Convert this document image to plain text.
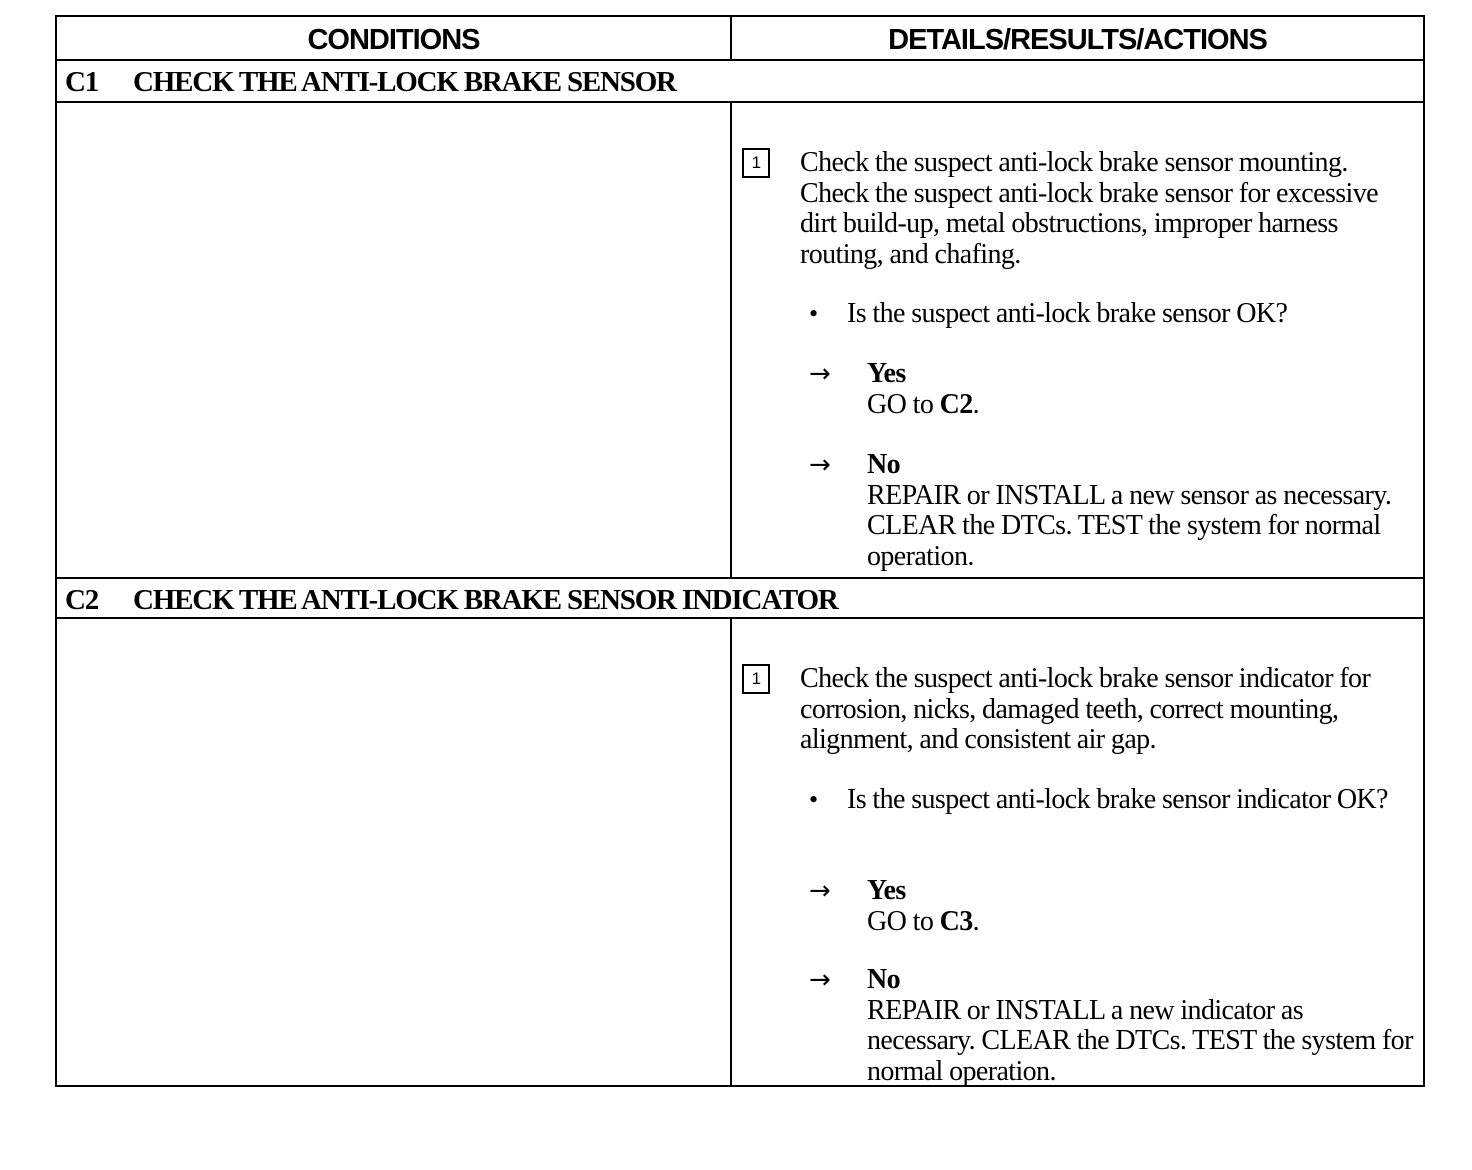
CONDITIONS	DETAILS/RESULTS/ACTIONS
C1 CHECK THE ANTI-LOCK BRAKE SENSOR
1	Check the suspect anti-lock brake sensor mounting. Check the suspect anti-lock brake sensor for excessive dirt build-up, metal obstructions, improper harness routing, and chafing.
• Is the suspect anti-lock brake sensor OK?
→ Yes
GO to C2.
→ No
REPAIR or INSTALL a new sensor as necessary. CLEAR the DTCs. TEST the system for normal operation.
C2 CHECK THE ANTI-LOCK BRAKE SENSOR INDICATOR
1	Check the suspect anti-lock brake sensor indicator for corrosion, nicks, damaged teeth, correct mounting, alignment, and consistent air gap.
• Is the suspect anti-lock brake sensor indicator OK?
→ Yes
GO to C3.
→ No
REPAIR or INSTALL a new indicator as necessary. CLEAR the DTCs. TEST the system for normal operation.
